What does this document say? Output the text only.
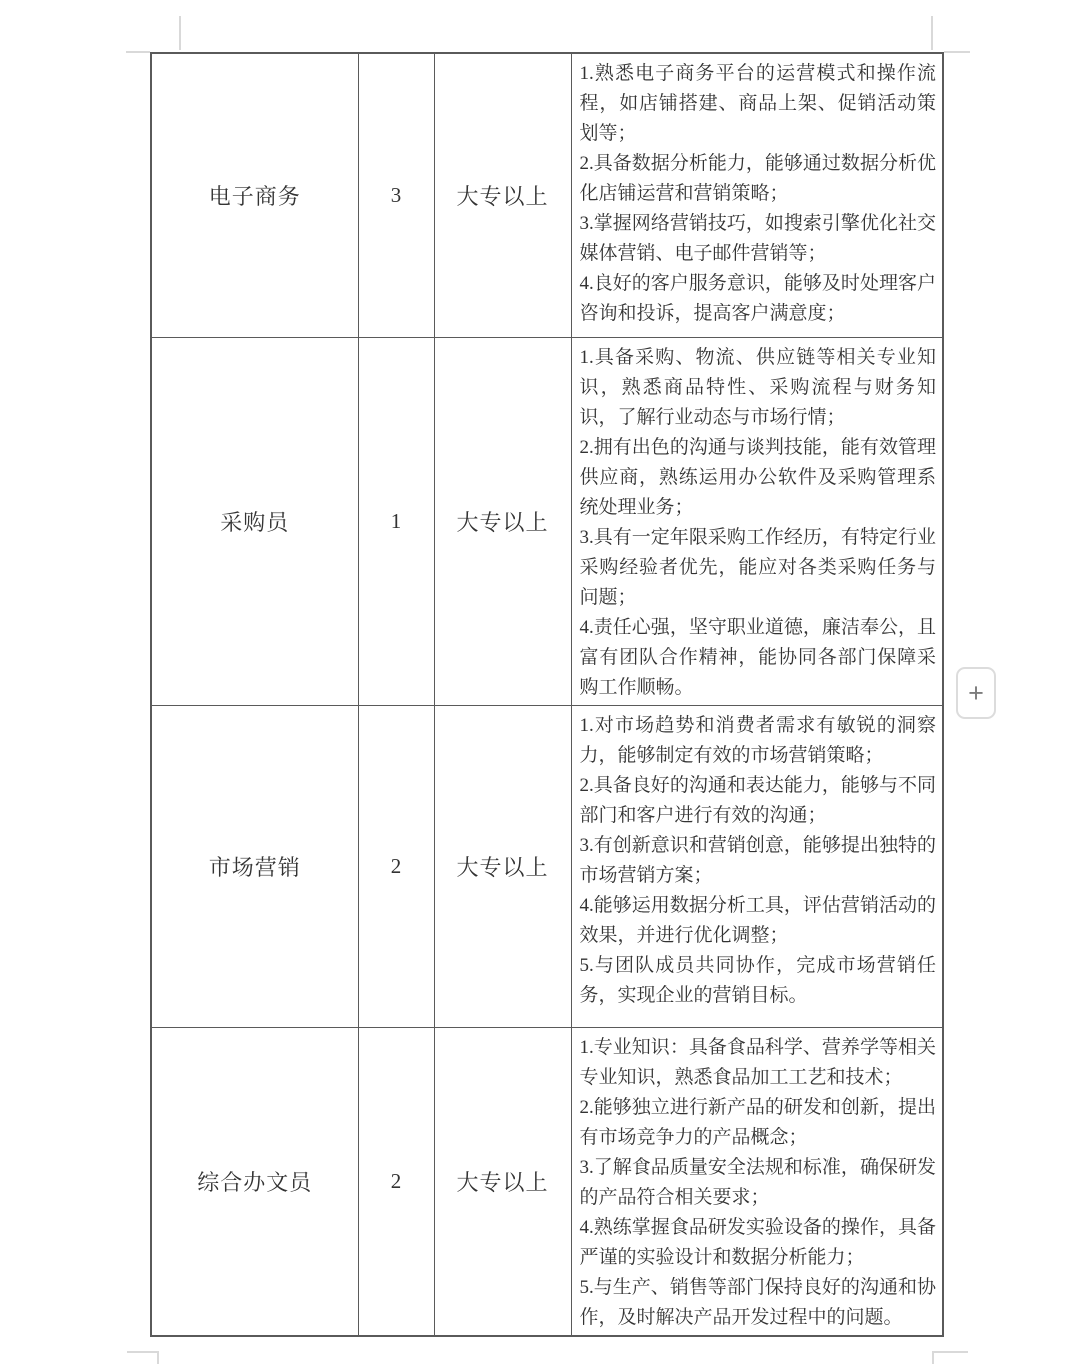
电子商务	3	大专以上	1.熟悉电子商务平台的运营模式和操作流程，如店铺搭建、商品上架、促销活动策划等；

2.具备数据分析能力，能够通过数据分析优化店铺运营和营销策略；

3.掌握网络营销技巧，如搜索引擎优化社交媒体营销、电子邮件营销等；

4.良好的客户服务意识，能够及时处理客户咨询和投诉，提高客户满意度；

采购员	1	大专以上	1.具备采购、物流、供应链等相关专业知识，熟悉商品特性、采购流程与财务知识，了解行业动态与市场行情；

2.拥有出色的沟通与谈判技能，能有效管理供应商，熟练运用办公软件及采购管理系统处理业务；

3.具有一定年限采购工作经历，有特定行业采购经验者优先，能应对各类采购任务与问题；

4.责任心强，坚守职业道德，廉洁奉公，且富有团队合作精神，能协同各部门保障采购工作顺畅。

市场营销	2	大专以上	1.对市场趋势和消费者需求有敏锐的洞察力，能够制定有效的市场营销策略；

2.具备良好的沟通和表达能力，能够与不同部门和客户进行有效的沟通；

3.有创新意识和营销创意，能够提出独特的市场营销方案；

4.能够运用数据分析工具，评估营销活动的效果，并进行优化调整；

5.与团队成员共同协作，完成市场营销任务，实现企业的营销目标。

综合办文员	2	大专以上	1.专业知识：具备食品科学、营养学等相关专业知识，熟悉食品加工工艺和技术；

2.能够独立进行新产品的研发和创新，提出有市场竞争力的产品概念；

3.了解食品质量安全法规和标准，确保研发的产品符合相关要求；

4.熟练掌握食品研发实验设备的操作，具备严谨的实验设计和数据分析能力；

5.与生产、销售等部门保持良好的沟通和协作，及时解决产品开发过程中的问题。

+
